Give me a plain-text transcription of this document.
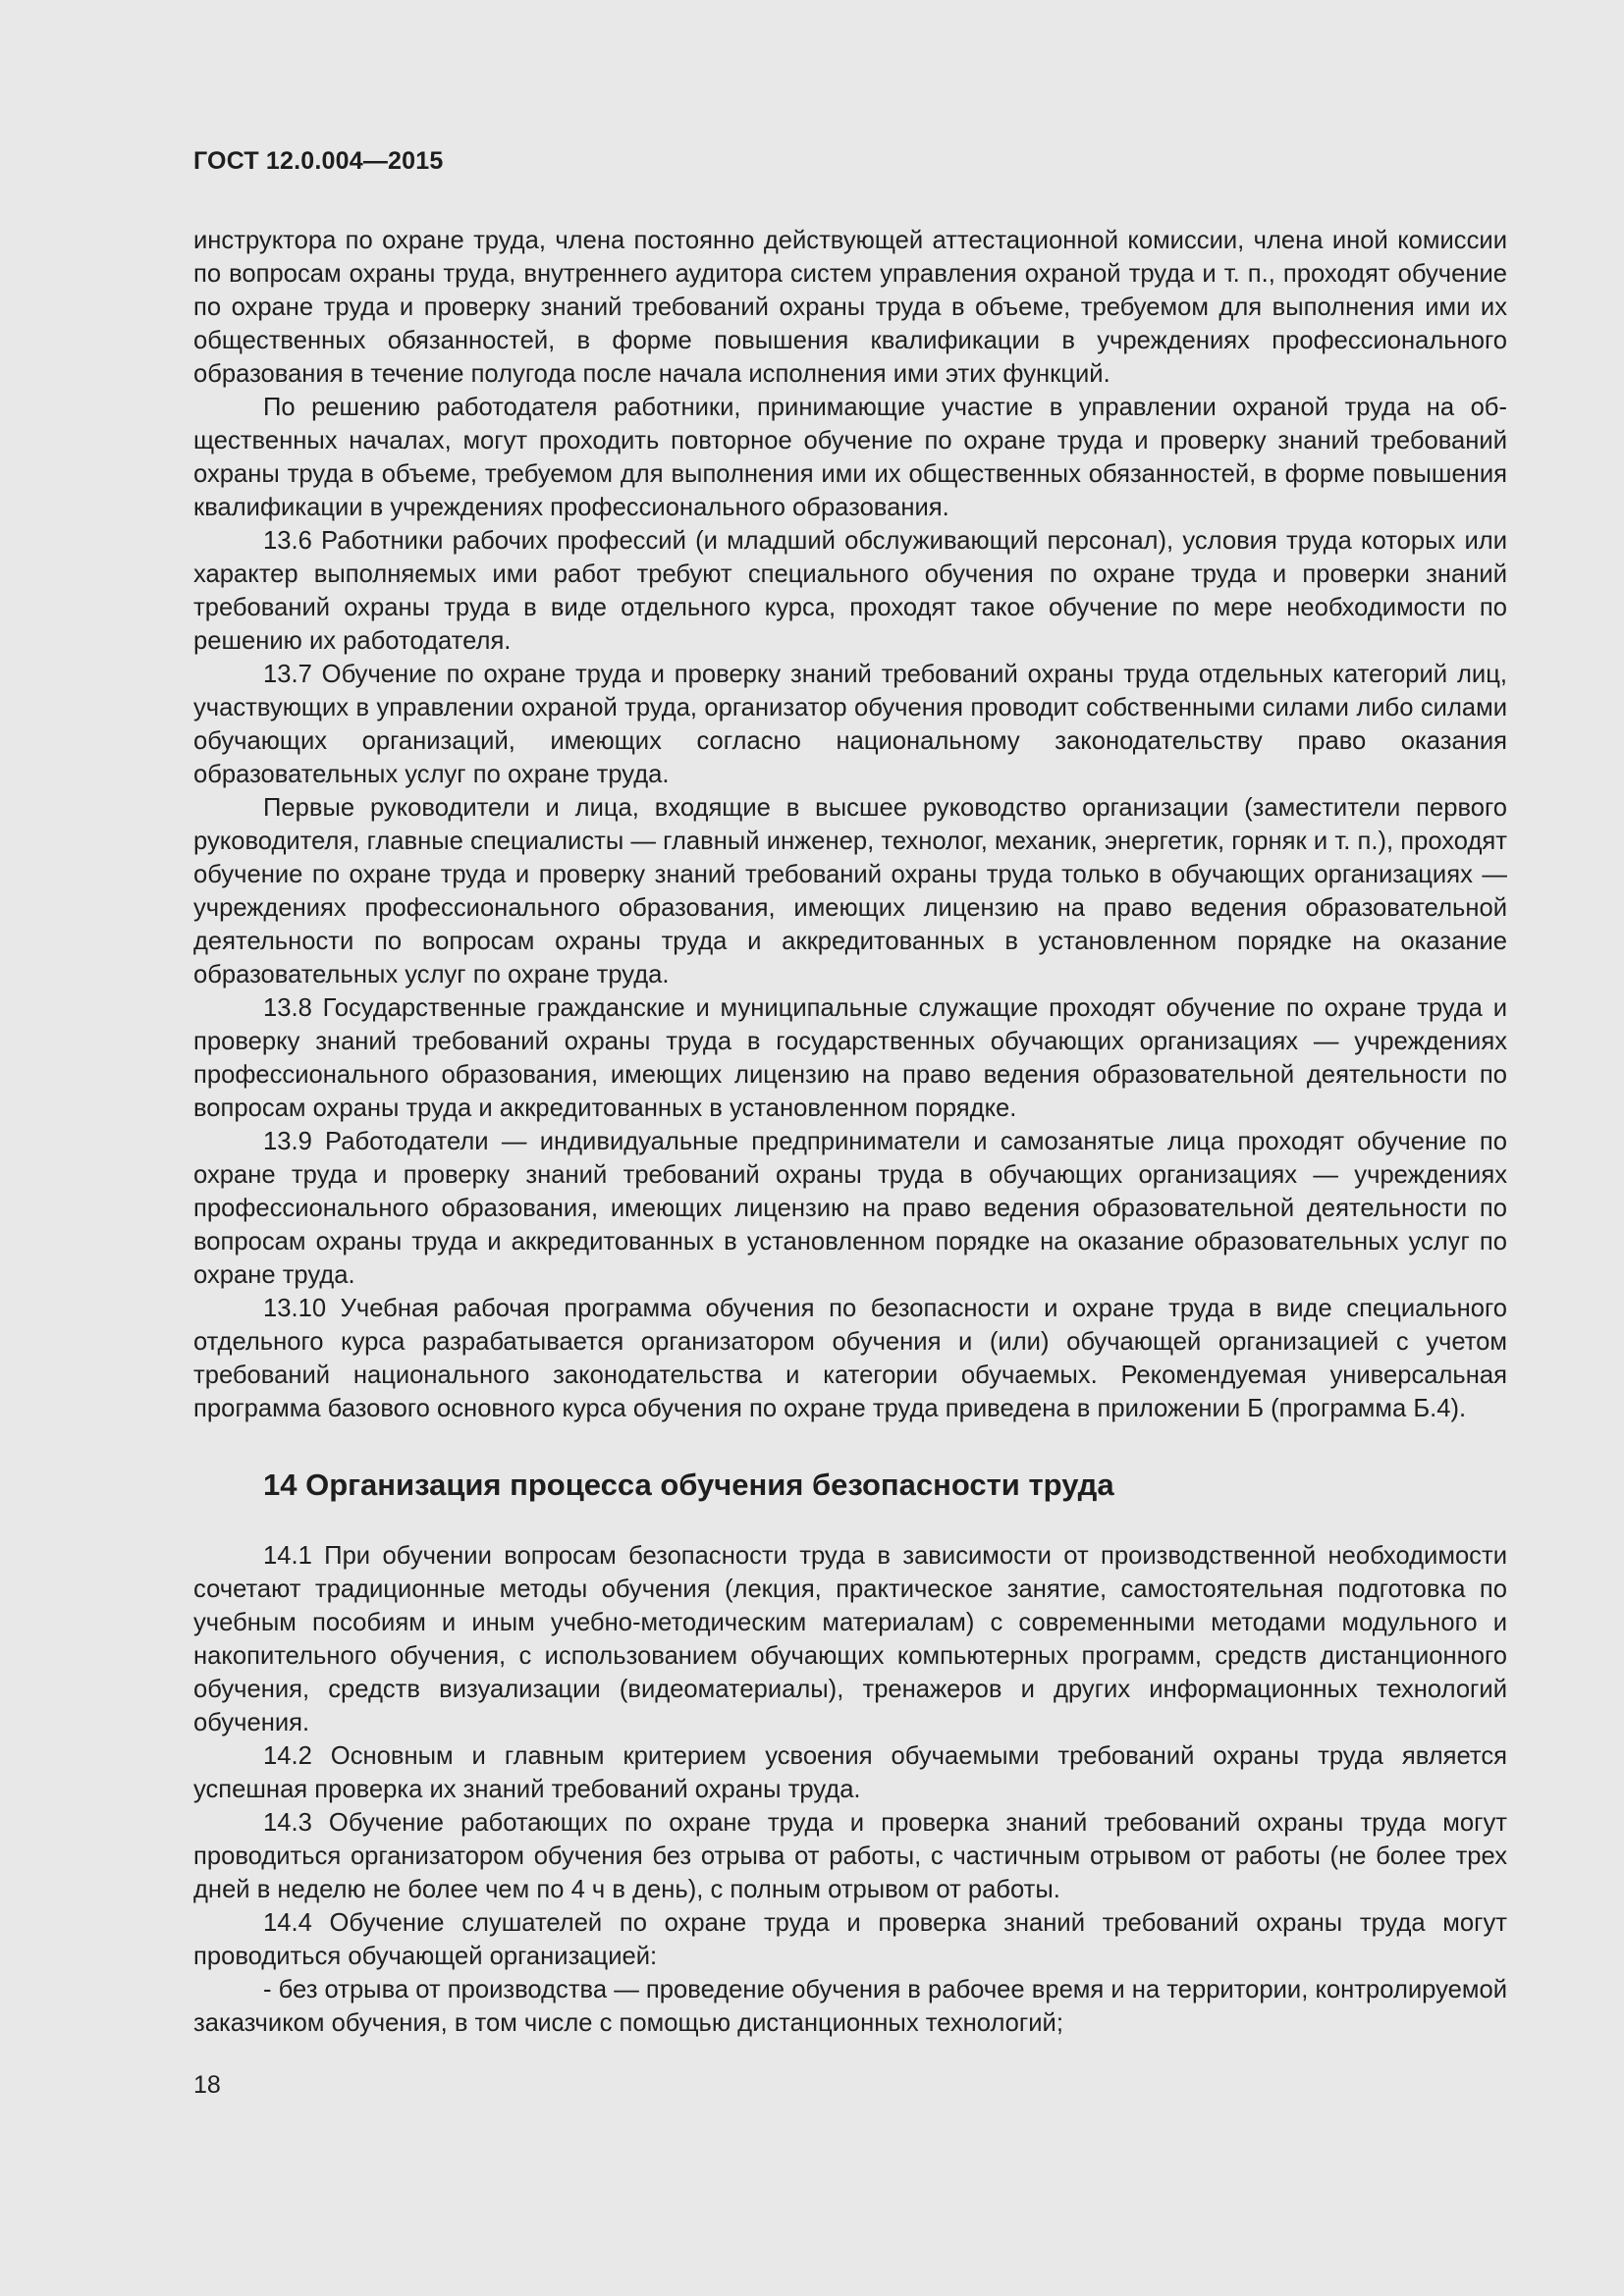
ГОСТ 12.0.004—2015

инструктора по охране труда, члена постоянно действующей аттестационной комиссии, члена иной комиссии по вопросам охраны труда, внутреннего аудитора систем управления охраной труда и т. п., проходят обучение по охране труда и проверку знаний требований охраны труда в объеме, требуемом для выполнения ими их общественных обязанностей, в форме повышения квалификации в учреждениях профессионального образования в течение полугода после начала исполнения ими этих функций.

По решению работодателя работники, принимающие участие в управлении охраной труда на общественных началах, могут проходить повторное обучение по охране труда и проверку знаний требований охраны труда в объеме, требуемом для выполнения ими их общественных обязанностей, в форме повышения квалификации в учреждениях профессионального образования.

13.6 Работники рабочих профессий (и младший обслуживающий персонал), условия труда которых или характер выполняемых ими работ требуют специального обучения по охране труда и проверки знаний требований охраны труда в виде отдельного курса, проходят такое обучение по мере необходимости по решению их работодателя.

13.7 Обучение по охране труда и проверку знаний требований охраны труда отдельных категорий лиц, участвующих в управлении охраной труда, организатор обучения проводит собственными силами либо силами обучающих организаций, имеющих согласно национальному законодательству право оказания образовательных услуг по охране труда.

Первые руководители и лица, входящие в высшее руководство организации (заместители первого руководителя, главные специалисты — главный инженер, технолог, механик, энергетик, горняк и т. п.), проходят обучение по охране труда и проверку знаний требований охраны труда только в обучающих организациях — учреждениях профессионального образования, имеющих лицензию на право ведения образовательной деятельности по вопросам охраны труда и аккредитованных в установленном порядке на оказание образовательных услуг по охране труда.

13.8 Государственные гражданские и муниципальные служащие проходят обучение по охране труда и проверку знаний требований охраны труда в государственных обучающих организациях — учреждениях профессионального образования, имеющих лицензию на право ведения образовательной деятельности по вопросам охраны труда и аккредитованных в установленном порядке.

13.9 Работодатели — индивидуальные предприниматели и самозанятые лица проходят обучение по охране труда и проверку знаний требований охраны труда в обучающих организациях — учреждениях профессионального образования, имеющих лицензию на право ведения образовательной деятельности по вопросам охраны труда и аккредитованных в установленном порядке на оказание образовательных услуг по охране труда.

13.10 Учебная рабочая программа обучения по безопасности и охране труда в виде специального отдельного курса разрабатывается организатором обучения и (или) обучающей организацией с учетом требований национального законодательства и категории обучаемых. Рекомендуемая универсальная программа базового основного курса обучения по охране труда приведена в приложении Б (программа Б.4).

14 Организация процесса обучения безопасности труда

14.1 При обучении вопросам безопасности труда в зависимости от производственной необходимости сочетают традиционные методы обучения (лекция, практическое занятие, самостоятельная подготовка по учебным пособиям и иным учебно-методическим материалам) с современными методами модульного и накопительного обучения, с использованием обучающих компьютерных программ, средств дистанционного обучения, средств визуализации (видеоматериалы), тренажеров и других информационных технологий обучения.

14.2 Основным и главным критерием усвоения обучаемыми требований охраны труда является успешная проверка их знаний требований охраны труда.

14.3 Обучение работающих по охране труда и проверка знаний требований охраны труда могут проводиться организатором обучения без отрыва от работы, с частичным отрывом от работы (не более трех дней в неделю не более чем по 4 ч в день), с полным отрывом от работы.

14.4 Обучение слушателей по охране труда и проверка знаний требований охраны труда могут проводиться обучающей организацией:

- без отрыва от производства — проведение обучения в рабочее время и на территории, контролируемой заказчиком обучения, в том числе с помощью дистанционных технологий;

18
